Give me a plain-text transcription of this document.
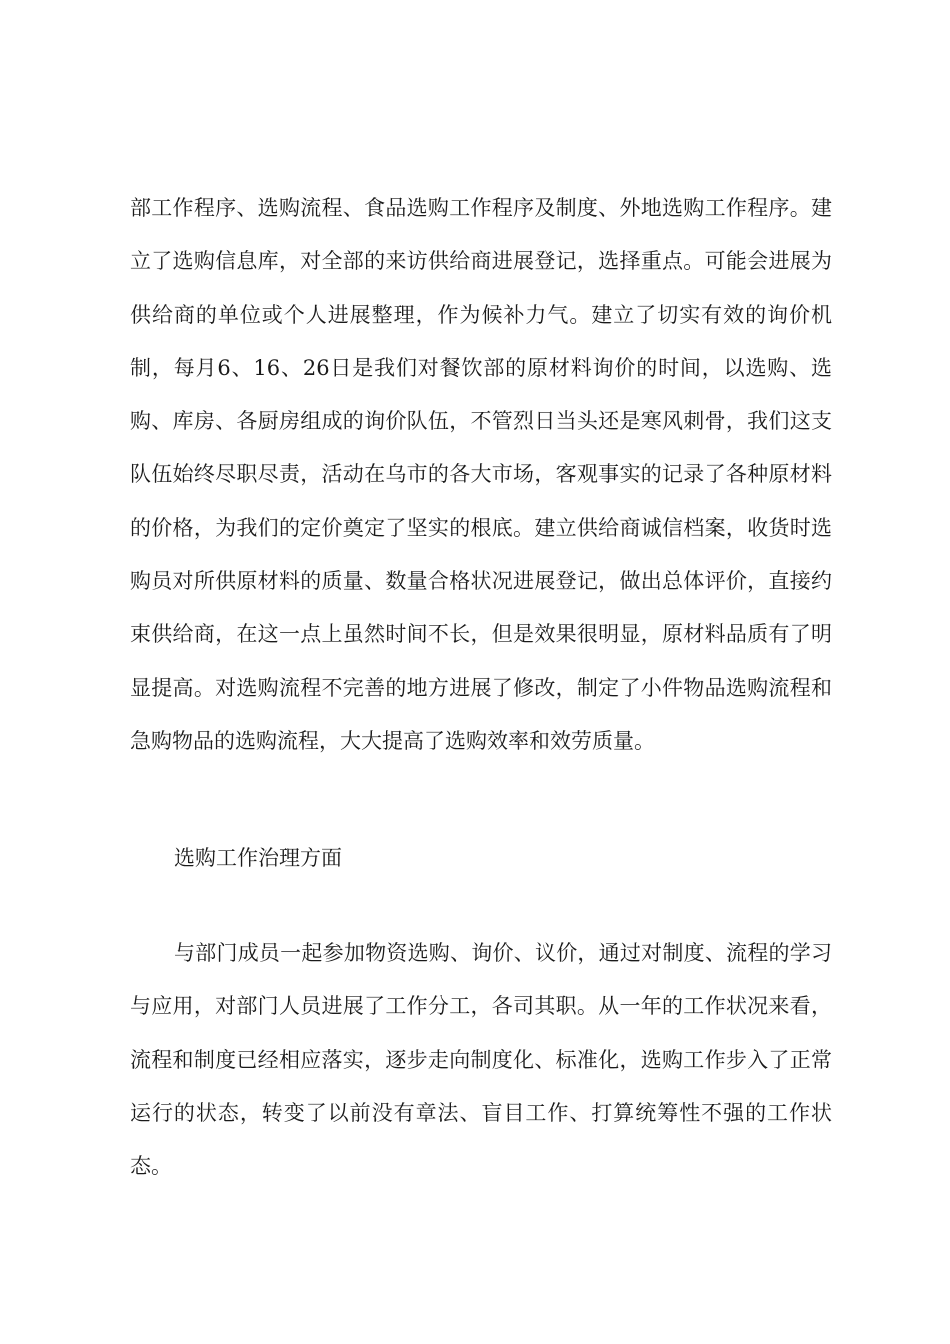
部工作程序、选购流程、食品选购工作程序及制度、外地选购工作程序。建立了选购信息库，对全部的来访供给商进展登记，选择重点。可能会进展为供给商的单位或个人进展整理，作为候补力气。建立了切实有效的询价机制，每月6、16、26日是我们对餐饮部的原材料询价的时间，以选购、选购、库房、各厨房组成的询价队伍，不管烈日当头还是寒风刺骨，我们这支队伍始终尽职尽责，活动在乌市的各大市场，客观事实的记录了各种原材料的价格，为我们的定价奠定了坚实的根底。建立供给商诚信档案，收货时选购员对所供原材料的质量、数量合格状况进展登记，做出总体评价，直接约束供给商，在这一点上虽然时间不长，但是效果很明显，原材料品质有了明显提高。对选购流程不完善的地方进展了修改，制定了小件物品选购流程和急购物品的选购流程，大大提高了选购效率和效劳质量。

选购工作治理方面

与部门成员一起参加物资选购、询价、议价，通过对制度、流程的学习与应用，对部门人员进展了工作分工，各司其职。从一年的工作状况来看，流程和制度已经相应落实，逐步走向制度化、标准化，选购工作步入了正常运行的状态，转变了以前没有章法、盲目工作、打算统筹性不强的工作状态。
